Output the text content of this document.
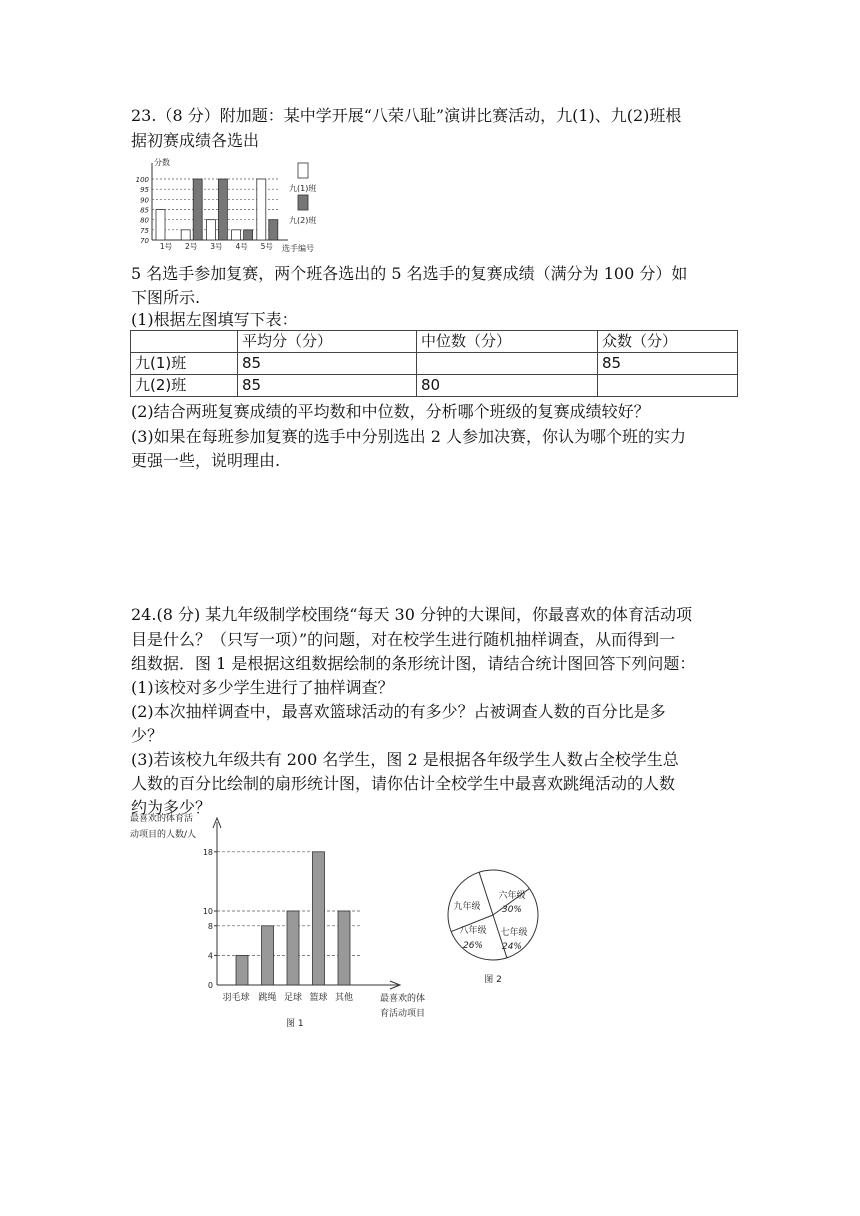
23.（8 分）附加题：某中学开展“八荣八耻”演讲比赛活动，九(1)、九(2)班根
据初赛成绩各选出
分数
选手编号
70
75
80
85
90
95
100
1号 2号 3号 4号 5号
九(1)班
九(2)班
5 名选手参加复赛，两个班各选出的 5 名选手的复赛成绩（满分为 100 分）如
下图所示.
(1)根据左图填写下表：
	平均分（分）	中位数（分）	众数（分）
九(1)班	85		85
九(2)班	85	80	
(2)结合两班复赛成绩的平均数和中位数，分析哪个班级的复赛成绩较好？
(3)如果在每班参加复赛的选手中分别选出 2 人参加决赛，你认为哪个班的实力
更强一些，说明理由.
24.(8 分) 某九年级制学校围绕“每天 30 分钟的大课间，你最喜欢的体育活动项
目是什么？（只写一项）”的问题，对在校学生进行随机抽样调查，从而得到一
组数据．图 1 是根据这组数据绘制的条形统计图，请结合统计图回答下列问题：
(1)该校对多少学生进行了抽样调查？
(2)本次抽样调查中，最喜欢篮球活动的有多少？占被调查人数的百分比是多
少？
(3)若该校九年级共有 200 名学生，图 2 是根据各年级学生人数占全校学生总
人数的百分比绘制的扇形统计图，请你估计全校学生中最喜欢跳绳活动的人数
约为多少？
最喜欢的体育活
动项目的人数/人
最喜欢的体
育活动项目
图 1
0
4
8
10
18
羽毛球 跳绳 足球 篮球 其他
六年级
30%
七年级
24%
八年级
26%
九年级
图 2
